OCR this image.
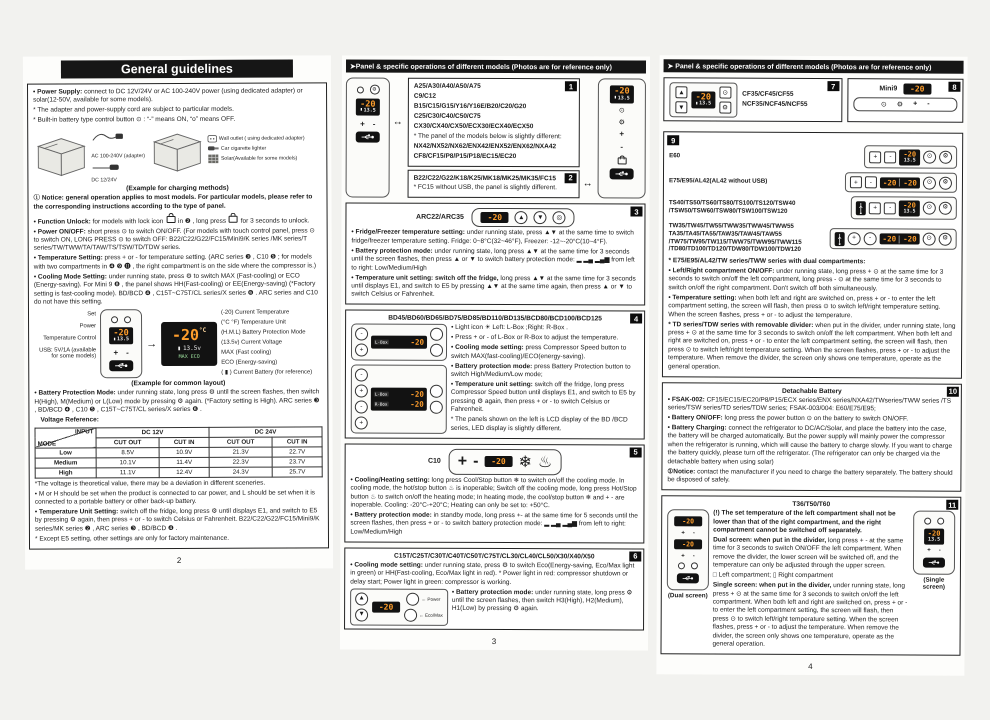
General guidelines
• Power Supply: connect to DC 12V/24V or AC 100-240V power (using dedicated adapter) or solar(12-50V, available for some models).
* The adapter and power-supply cord are subject to particular models.
* Built-in battery type control button ⊙ : “-” means ON, “o” means OFF.
AC 100-240V (adapter)
DC 12/24V
Wall outlet ( using dedicated adapter)
Car cigarette lighter
Solar(Available for some models)
(Example for charging methods)
ⓘ Notice: general operation applies to most models. For particular models, please refer to the corresponding instructions according to the type of panel.
• Function Unlock: for models with lock icon  in ❷ , long press  for 3 seconds to unlock.
• Power ON/OFF: short press ⊙ to switch ON/OFF. (For models with touch control panel, press ⊙ to switch ON, LONG PRESS ⊙ to switch OFF: B22/C22/G22/FC15/Mini9/K series /MK series/T series/TW/TWW/TA/TAW/TS/TSW/TD/TDW series.
• Temperature Setting: press + or - for temperature setting. (ARC series ❸ , C10 ❺ ; for models with two compartments in ❹ ❾ ⓫ , the right compartment is on the side where the compressor is.)
• Cooling Mode Setting: under running state, press ⚙ to switch MAX (Fast-cooling) or ECO (Energy-saving). For Mini 9 ❽ , the panel shows HH(Fast-cooling) or EE(Energy-saving) (*Factory setting is fast-cooling mode). BD/BCD ❹ , C15T~C75T/CL series/X series ❻ . ARC series and C10 do not have this setting.
Set
Power
Temperature Control
USB: 5V/1A (available for some models)
-20
▮ 13.5
+ -
→
$-20^{^\circ C}$
▮ 13.5v
MAX ECO
(-20) Current Temperature
(°C °F) Temperature Unit
(H.M.L) Battery Protection Mode
(13.5v) Current Voltage
MAX (Fast cooling)
ECO (Energy-saving)
( ▮ ) Current Battery (for reference)
(Example for common layout)
• Battery Protection Mode: under running state, long press ⚙ until the screen flashes, then switch H(High), M(Medium) or L(Low) mode by pressing ⚙ again. (*Factory setting is High). ARC series ❸ , BD/BCD ❹ , C10 ❺ , C15T~C75T/CL series/X series ❻ .
Voltage Reference:
INPUT
MODE	DC 12V		DC 24V	
	CUT OUT	CUT IN	CUT OUT	CUT IN
Low	8.5V	10.9V	21.3V	22.7V
Medium	10.1V	11.4V	22.3V	23.7V
High	11.1V	12.4V	24.3V	25.7V
*The voltage is theoretical value, there may be a deviation in different sceneries.
• M or H should be set when the product is connected to car power, and L should be set when it is connected to a portable battery or other back-up battery.
• Temperature Unit Setting: switch off the fridge, long press ⚙ until displays E1, and switch to E5 by pressing ⚙ again, then press + or - to switch Celsius or Fahrenheit. B22/C22/G22/FC15/Mini9/K series/MK series ❷ , ARC series ❸ , BD/BCD ❹ .
* Except E5 setting, other settings are only for factory maintenance.
2
➤Panel & specific operations of different models (Photos are for reference only)
⚙
-20
▮ 13.5
+ - ↔
1
A25/A30/A40/A50/A75
C9/C12
B15/C15/G15/Y16/Y16E/B20/C20/G20
C25/C30/C40/C50/C75
CX30/CX40/CX50/ECX30/ECX40/ECX50
* The panel of the models below is slightly different:
NX42/NX52/NX62/ENX42/ENX52/ENX62/NXA42
CF8/CF15/P8/P15/P18/EC15/EC20
-20
▮ 13.5
⊙
⚙
+
-
2
B22/C22/G22/K18/K25/MK18/MK25/MK35/FC15
* FC15 without USB, the panel is slightly different.	↔
3
ARC22/ARC35	-20	▲	▼	◎
• Fridge/Freezer temperature setting: under running state, press ▲▼ at the same time to switch fridge/freezer temperature setting. Fridge: 0~8°C(32~46°F), Freezer: -12~-20°C(10~4°F).
• Battery protection mode: under running state, long press ▲▼ at the same time for 3 seconds until the screen flashes, then press ▲ or ▼ to switch battery protection mode: ▂ ▂▄ ▂▄▆ from left to right: Low/Medium/High
• Temperature unit setting: switch off the fridge, long press ▲▼ at the same time for 3 seconds until displays E1, and switch to E5 by pressing ▲▼ at the same time again, then press ▲ or ▼ to switch Celsius or Fahrenheit.
4
BD45/BD60/BD65/BD75/BD85/BD110/BD135/BCD80/BCD100/BCD125
-
+
L-Box	-20
-
+
-
+
L-Box	-20
R-Box	-20
• Light icon ☀ Left: L-Box ;Right: R-Box .
• Press + or - of L-Box or R-Box to adjust the temperature.
• Cooling mode setting: press Compressor Speed button to switch MAX(fast-cooling)/ECO(energy-saving).
• Battery protection mode: press Battery Protection button to switch High/Medium/Low mode;
• Temperature unit setting: switch off the fridge, long press Compressor Speed button until displays E1, and switch to E5 by pressing ⚙ again, then press + or - to switch Celsius or Fahrenheit.
* The panels shown on the left is LCD display of the BD /BCD series, LED display is slightly different.
5
C10 + -	-20 ❄ ♨
• Cooling/Heating setting: long press Cool/Stop button ❄ to switch on/off the cooling mode. In cooling mode, the hot/stop button ♨ is inoperable; Switch off the cooling mode, long press Hot/Stop button ♨ to switch on/off the heating mode; In heating mode, the cool/stop button ❄ and + - are inoperable. Cooling: -20°C-+20°C; Heating can only be set to: +50°C.
• Battery protection mode: in standby mode, long press +- at the same time for 5 seconds until the screen flashes, then press + or - to switch battery protection mode: ▂ ▂▄ ▂▄▆ from left to right: Low/Medium/High
6
C15T/C25T/C30T/C40T/C50T/C75T/CL30/CL40/CL50/X30/X40/X50
• Cooling mode setting: under running state, press ⚙ to switch Eco(Energy-saving, Eco/Max light in green) or HH(Fast-cooling, Eco/Max light in red). * Power light in red: compressor shutdown or delay start; Power light in green: compressor is working.
▲
▼
-20
← Power
← Eco/Max
• Battery protection mode: under running state, long press ⚙ until the screen flashes, then switch H3(High), H2(Medium), H1(Low) by pressing ⚙ again.
3
➤ Panel & specific operations of different models (Photos are for reference only)
7
▲
▼
-20
▮ 13.5
⊙
⚙
CF35/CF45/CF55
NCF35/NCF45/NCF55
8
Mini9	-20
⊙ ⚙ + -
9
E60	+	-	-20
13.5
⊙	⚙
E75/E95/AL42(AL42 without USB)	+	-	-20 -20	⊙	⚙
TS40/TS50/TS60/TS80/TS100/TS120/TSW40 /TSW50/TSW60/TSW80/TSW100/TSW120	+	-	-20
13.5
⊙	⚙
TW35/TW45/TW55/TWW35/TWW45/TWW55 TA35/TA45/TA55/TAW35/TAW45/TAW55 /TW75/TW95/TW115/TWW75/TWW95/TWW115 /TD80/TD100/TD120/TDW80/TDW100/TDW120
+	-	-20 -20	⊙	⚙
* E75/E95/AL42/TW series/TWW series with dual compartments:
• Left/Right compartment ON/OFF: under running state, long press + ⊙ at the same time for 3 seconds to switch on/off the left compartment, long press - ⊙ at the same time for 3 seconds to switch on/off the right compartment. Don't switch off both simultaneously.
• Temperature setting: when both left and right are switched on, press + or - to enter the left compartment setting, the screen will flash, then press ⊙ to switch left/right temperature setting. When the screen flashes, press + or - to adjust the temperature.
* TD series/TDW series with removable divider: when put in the divider, under running state, long press + ⊙ at the same time for 3 seconds to switch on/off the left compartment. When both left and right are switched on, press + or - to enter the left compartment setting, the screen will flash, then press ⊙ to switch left/right temperature setting. When the screen flashes, press + or - to adjust the temperature. When remove the divider, the screen only shows one temperature, operate as the general operation.
10
Detachable Battery
• FSAK-002: CF15/EC15/EC20/P8/P15/ECX series/ENX series/NXA42/TWseries/TWW series /TS series/TSW series/TD series/TDW series; FSAK-003/004: E60/E75/E95;
• Battery ON/OFF: long press the power button ⊙ on the battery to switch ON/OFF.
• Battery Charging: connect the refrigerator to DC/AC/Solar, and place the battery into the case, the battery will be charged automatically. But the power supply will mainly power the compressor when the refrigerator is running, which will cause the battery to charge slowly. If you want to charge the battery quickly, please turn off the refrigerator. (The refrigerator can only be charged via the detachable battery when using solar)
①Notice: contact the manufacturer if you need to charge the battery separately. The battery should be disposed of safely.
11
T36/T50/T60
-20
+ -
-20
+ -
(Dual screen)
(!) The set temperature of the left compartment shall not be lower than that of the right compartment, and the right compartment cannot be switched off separately.
Dual screen: when put in the divider, long press + - at the same time for 3 seconds to switch ON/OFF the left compartment. When remove the divider, the lower screen will be switched off, and the temperature can only be adjusted through the upper screen.
□ Left compartment; ▯ Right compartment
Single screen: when put in the divider, under running state, long press + ⊙ at the same time for 3 seconds to switch on/off the left compartment. When both left and right are switched on, press + or - to enter the left compartment setting, the screen will flash, then press ⊙ to switch left/right temperature setting. When the screen flashes, press + or - to adjust the temperature. When remove the divider, the screen only shows one temperature, operate as the general operation.
-20
13.5
+ -
(Single screen)
4
